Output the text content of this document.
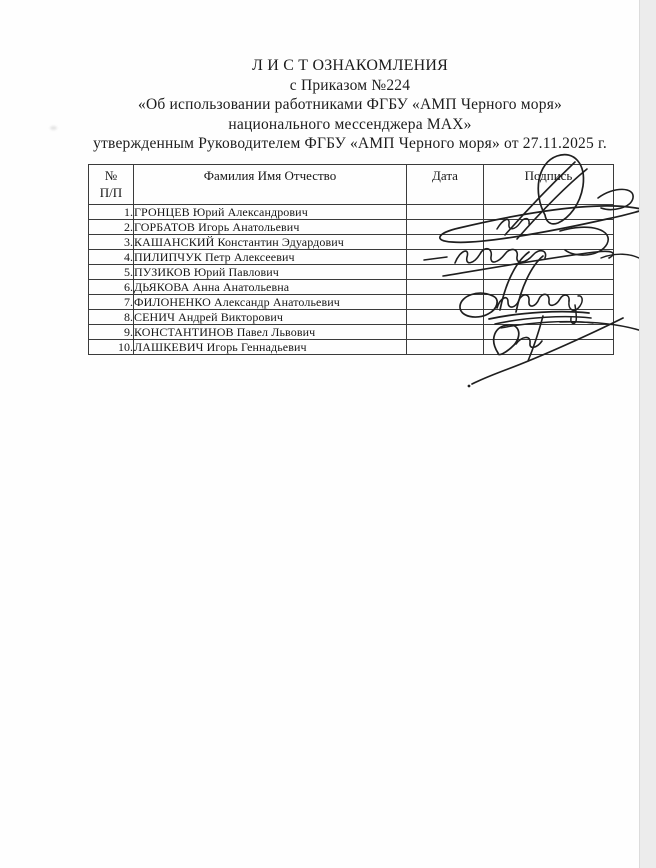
Л И С Т ОЗНАКОМЛЕНИЯ
с Приказом №224
«Об использовании работниками ФГБУ «АМП Черного моря»
национального мессенджера МАХ»
утвержденным Руководителем ФГБУ «АМП Черного моря» от 27.11.2025 г.
№
П/П	Фамилия Имя Отчество	Дата	Подпись
1.	ГРОНЦЕВ Юрий Александрович		
2.	ГОРБАТОВ Игорь Анатольевич		
3.	КАШАНСКИЙ Константин Эдуардович		
4.	ПИЛИПЧУК Петр Алексеевич		
5.	ПУЗИКОВ Юрий Павлович		
6.	ДЬЯКОВА Анна Анатольевна		
7.	ФИЛОНЕНКО Александр Анатольевич		
8.	СЕНИЧ Андрей Викторович		
9.	КОНСТАНТИНОВ Павел Львович		
10.	ЛАШКЕВИЧ Игорь Геннадьевич		
